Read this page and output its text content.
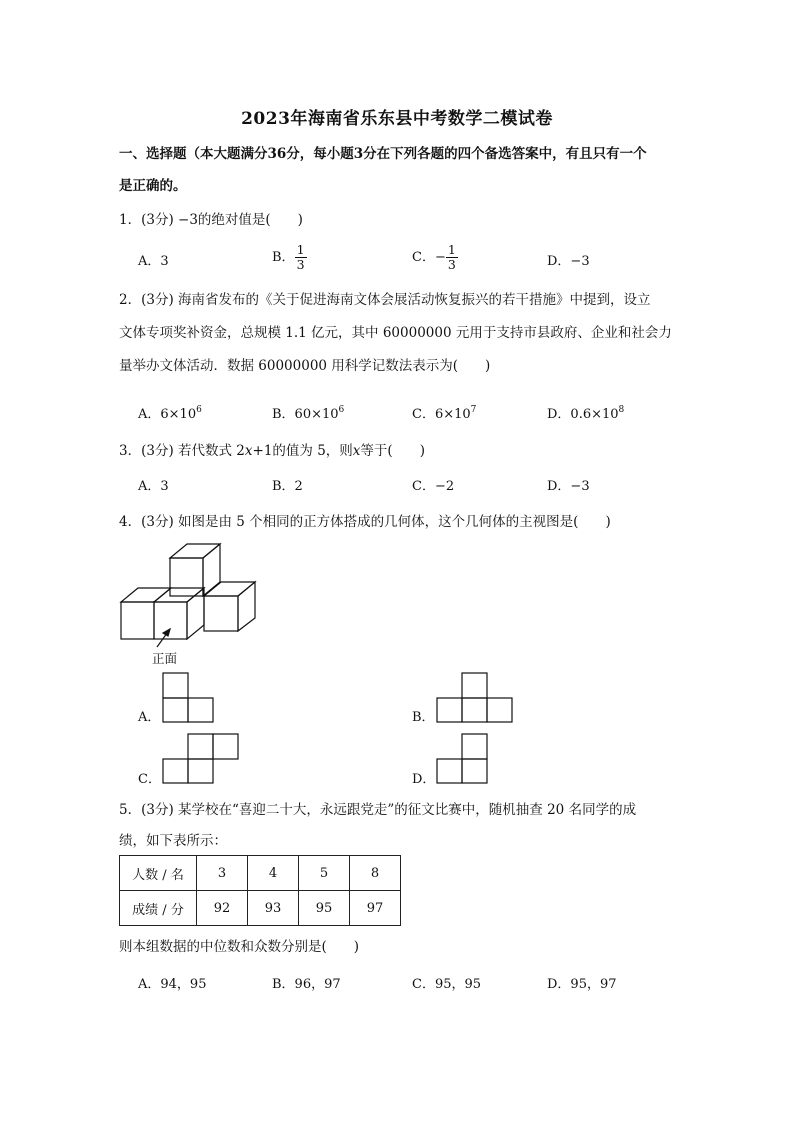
2023年海南省乐东县中考数学二模试卷
一、选择题（本大题满分36分，每小题3分在下列各题的四个备选答案中，有且只有一个
是正确的。
1．(3分) −3的绝对值是(　　)
A．3	B． $\frac{1}{3}$	C．− $\frac{1}{3}$	D．−3
2．(3分) 海南省发布的《关于促进海南文体会展活动恢复振兴的若干措施》中提到，设立
文体专项奖补资金，总规模 1.1 亿元，其中 60000000 元用于支持市县政府、企业和社会力
量举办文体活动．数据 60000000 用科学记数法表示为(　　)
A．$6\times 10^6$	B．$60\times 10^6$	C．$6\times 10^7$	D．$0.6\times 10^8$
3．(3分) 若代数式 2x+1的值为 5，则x等于(　　)
A．3	B．2	C．−2	D．−3
4．(3分) 如图是由 5 个相同的正方体搭成的几何体，这个几何体的主视图是(　　)
正面
A．	B．
C．	D．
5．(3分) 某学校在“喜迎二十大，永远跟党走”的征文比赛中，随机抽查 20 名同学的成
绩，如下表所示：
人数 / 名	3	4	5	8
成绩 / 分	92	93	95	97
则本组数据的中位数和众数分别是(　　)
A．94，95	B．96，97	C．95，95	D．95，97
